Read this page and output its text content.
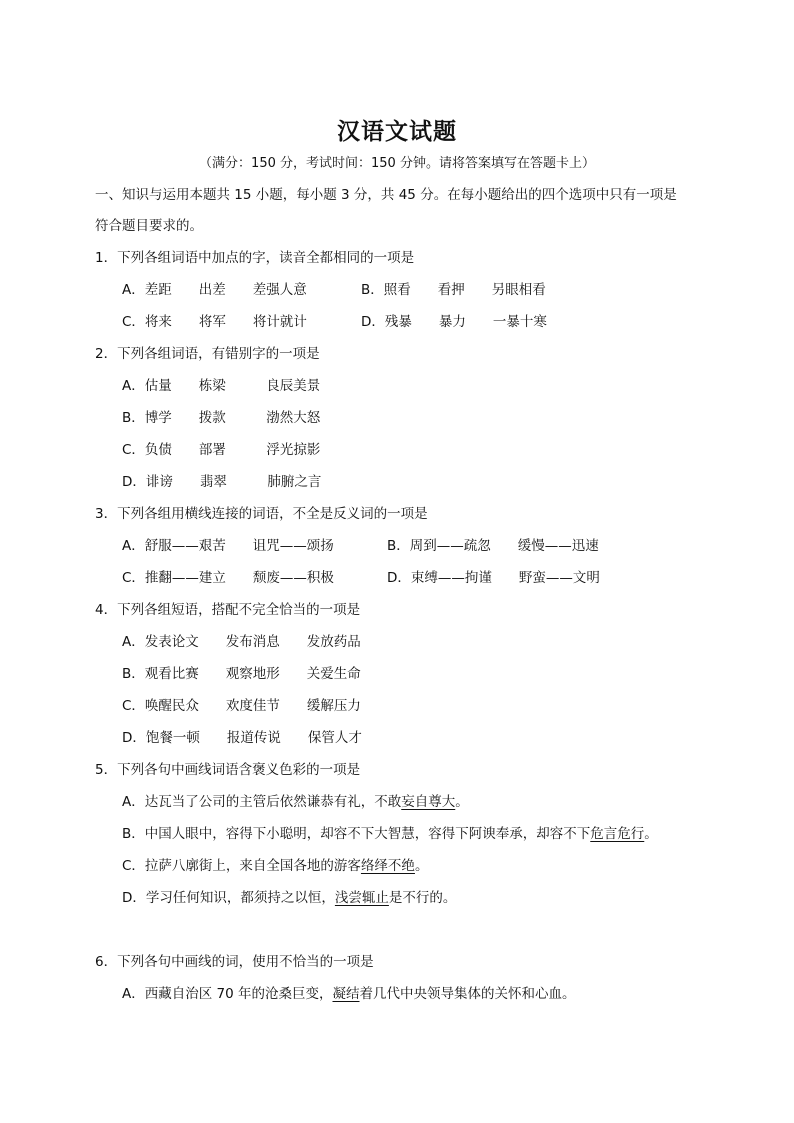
汉语文试题
（满分：150 分，考试时间：150 分钟。请将答案填写在答题卡上）
一、知识与运用本题共 15 小题，每小题 3 分，共 45 分。在每小题给出的四个选项中只有一项是
符合题目要求的。
1．下列各组词语中加点的字，读音全都相同的一项是
A．差距　　出差　　差强人意	B．照看　　看押　　另眼相看
C．将来　　将军　　将计就计	D．残暴　　暴力　　一暴十寒
2．下列各组词语，有错别字的一项是
A．估量　　栋梁　　　良辰美景
B．博学　　拨款　　　渤然大怒
C．负债　　部署　　　浮光掠影
D．诽谤　　翡翠　　　肺腑之言
3．下列各组用横线连接的词语，不全是反义词的一项是
A．舒服——艰苦　　诅咒——颂扬	B．周到——疏忽　　缓慢——迅速
C．推翻——建立　　颓废——积极	D．束缚——拘谨　　野蛮——文明
4．下列各组短语，搭配不完全恰当的一项是
A．发表论文　　发布消息　　发放药品
B．观看比赛　　观察地形　　关爱生命
C．唤醒民众　　欢度佳节　　缓解压力
D．饱餐一顿　　报道传说　　保管人才
5．下列各句中画线词语含褒义色彩的一项是
A．达瓦当了公司的主管后依然谦恭有礼，不敢妄自尊大。
B．中国人眼中，容得下小聪明，却容不下大智慧，容得下阿谀奉承，却容不下危言危行。
C．拉萨八廓街上，来自全国各地的游客络绎不绝。
D．学习任何知识，都须持之以恒，浅尝辄止是不行的。
6．下列各句中画线的词，使用不恰当的一项是
A．西藏自治区 70 年的沧桑巨变，凝结着几代中央领导集体的关怀和心血。
